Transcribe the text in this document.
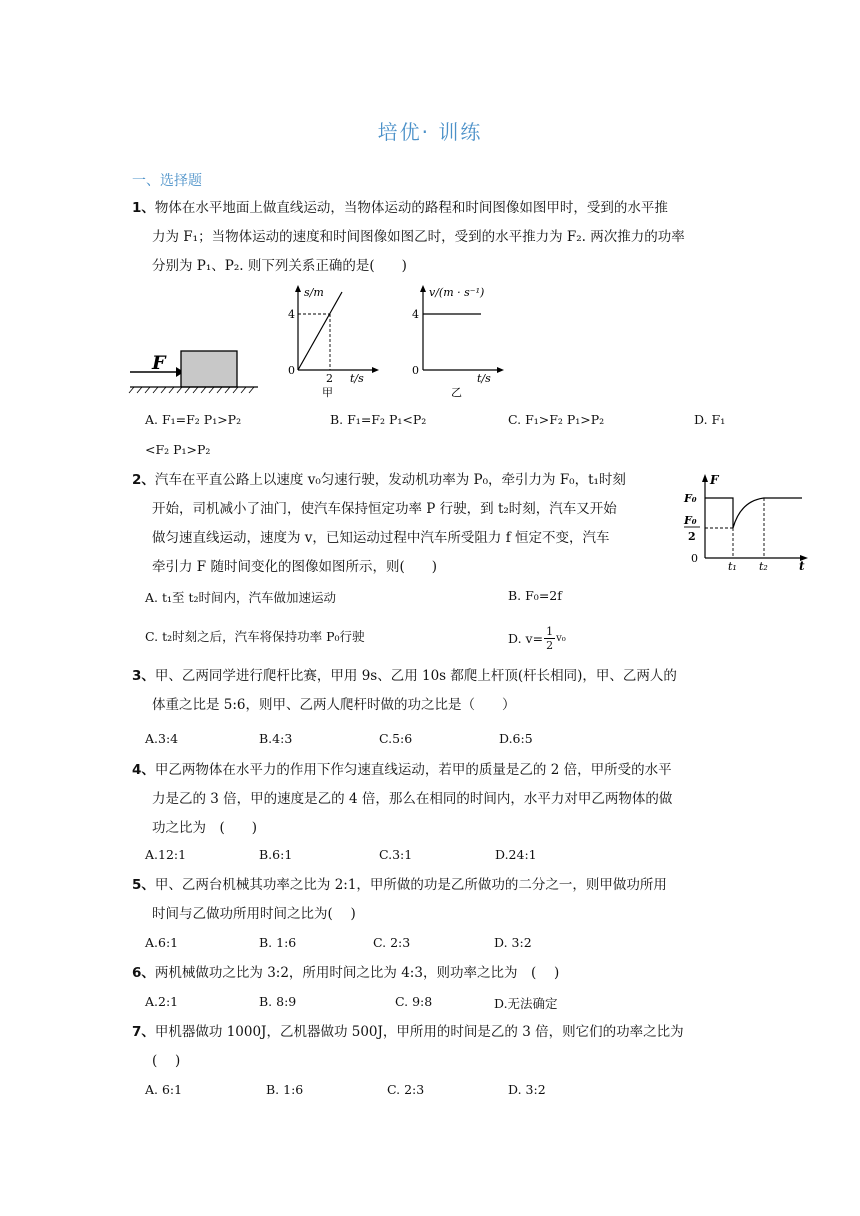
培优· 训练
一、选择题
1、物体在水平地面上做直线运动，当物体运动的路程和时间图像如图甲时，受到的水平推
力为 F₁；当物体运动的速度和时间图像如图乙时，受到的水平推力为 F₂. 两次推力的功率
分别为 P₁、P₂. 则下列关系正确的是(　　)
F
s/m
4
2
0
t/s
甲
v/(m · s⁻¹)
4
0
t/s
乙
A. F₁=F₂ P₁>P₂	B. F₁=F₂ P₁<P₂	C. F₁>F₂ P₁>P₂	D. F₁
<F₂ P₁>P₂
2、汽车在平直公路上以速度 v₀匀速行驶，发动机功率为 P₀，牵引力为 F₀，t₁时刻
开始，司机减小了油门，使汽车保持恒定功率 P 行驶，到 t₂时刻，汽车又开始
做匀速直线运动，速度为 v，已知运动过程中汽车所受阻力 f 恒定不变，汽车
牵引力 F 随时间变化的图像如图所示，则(　　)
F
F₀
F₀
2
0
t₁ t₂	t
A. t₁至 t₂时间内，汽车做加速运动	B. F₀=2f
C. t₂时刻之后，汽车将保持功率 P₀行驶	D. $v= \frac{1}{2} v_0$
3、甲、乙两同学进行爬杆比赛，甲用 9s、乙用 10s 都爬上杆顶(杆长相同)，甲、乙两人的
体重之比是 5:6，则甲、乙两人爬杆时做的功之比是（　　）
A.3:4	B.4:3	C.5:6	D.6:5
4、甲乙两物体在水平力的作用下作匀速直线运动，若甲的质量是乙的 2 倍，甲所受的水平
力是乙的 3 倍，甲的速度是乙的 4 倍，那么在相同的时间内，水平力对甲乙两物体的做
功之比为　(　　)
A.12:1	B.6:1	C.3:1	D.24:1
5、甲、乙两台机械其功率之比为 2:1，甲所做的功是乙所做功的二分之一，则甲做功所用
时间与乙做功所用时间之比为(　 )
A.6:1	B. 1:6	C. 2:3	D. 3:2
6、两机械做功之比为 3:2，所用时间之比为 4:3，则功率之比为　(　 )
A.2:1	B. 8:9	C. 9:8	D.无法确定
7、甲机器做功 1000J，乙机器做功 500J，甲所用的时间是乙的 3 倍，则它们的功率之比为
(　 )
A. 6:1	B. 1:6	C. 2:3	D. 3:2
